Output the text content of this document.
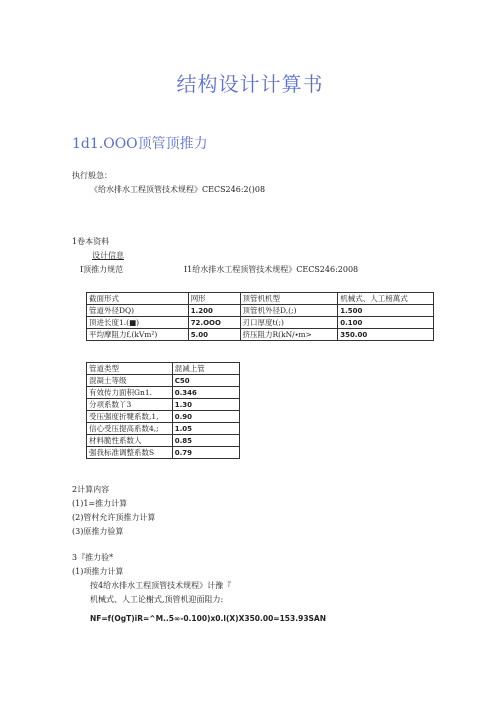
结构设计计算书
1d1.OOO顶管顶推力
执行般急：
《给水排水工程顶管技术规程》CECS246:2()08
1卷本资料
设计信息
I顶推力规范	I1给水排水工程顶管技术规程》CECS246:2008
截面形式	网形	顶管机机型	机械式、人工榜萬式
管道外径DQ)	1.200	顶管机外径D,(;)	1.500
顶进长度1.(■)	72.OOO	刃口厚度t(;)	0.100
平均摩阻力f,(kVm²)	5.00	挤压阻力R(kN/∙m>	350.00
管道类型	混减上管
混凝土等级	C50
有效传力面积Gn1.	0.346
分项系数丫3	1.30
受压强度折犍系数,1,	0.90
信心受压提高系数4,;	1.05
材料脆性系数人	0.85
强我标准调整系数S	0.79
2计算内容
(1)1=推力计算
(2)管村允许顶推力计算
(3)原推力验算
3『推力验*
(1)项推力计算
按4给水排水工程顶管技术规程》计豫『
机械式、人工论榭式,顶管机迎面阻力:
NF=f(OgT)iR=^M..5∞-0.100)x0.l(X)X350.00=153.93SAN
